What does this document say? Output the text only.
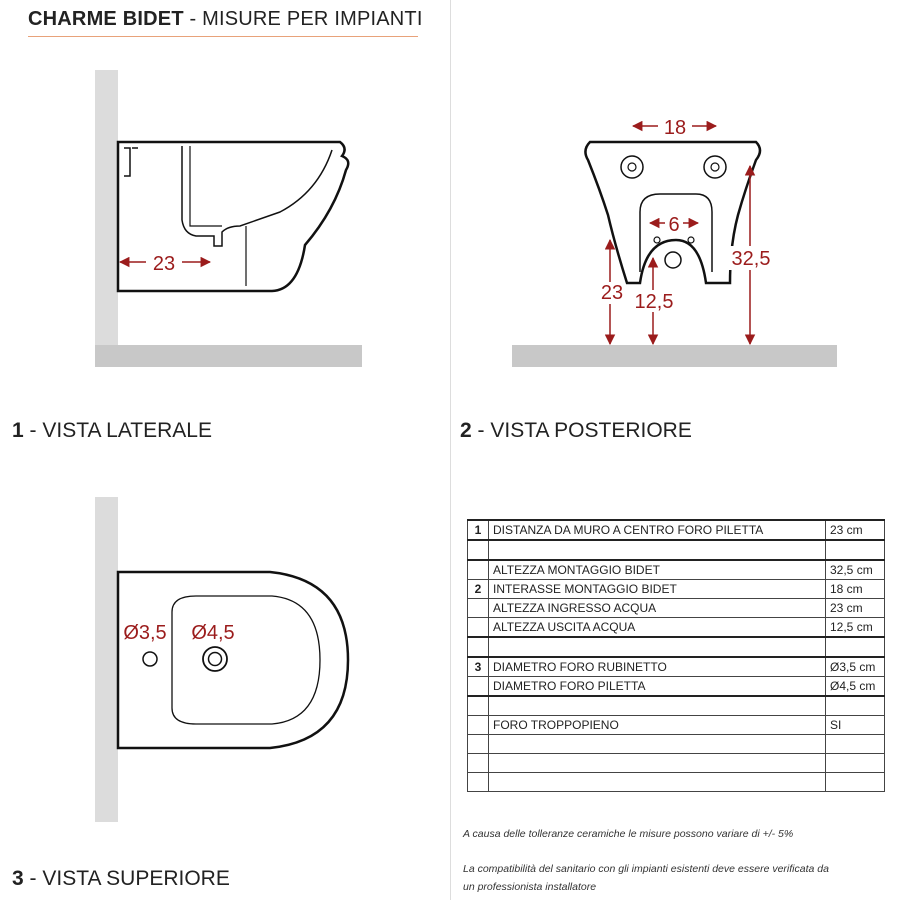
CHARME BIDET - MISURE PER IMPIANTI
23
18
6
23 12,5
32,5
Ø3,5 Ø4,5
1 - VISTA LATERALE	2 - VISTA POSTERIORE
3 - VISTA SUPERIORE
1	DISTANZA DA MURO A CENTRO FORO PILETTA	23 cm

	ALTEZZA MONTAGGIO BIDET	32,5 cm
2	INTERASSE MONTAGGIO BIDET	18 cm
	ALTEZZA INGRESSO ACQUA	23 cm
	ALTEZZA USCITA ACQUA	12,5 cm

3	DIAMETRO FORO RUBINETTO	Ø3,5 cm
	DIAMETRO FORO PILETTA	Ø4,5 cm

	FORO TROPPOPIENO	SI

A causa delle tolleranze ceramiche le misure possono variare di +/- 5%
La compatibilità del sanitario con gli impianti esistenti deve essere verificata da
un professionista installatore
